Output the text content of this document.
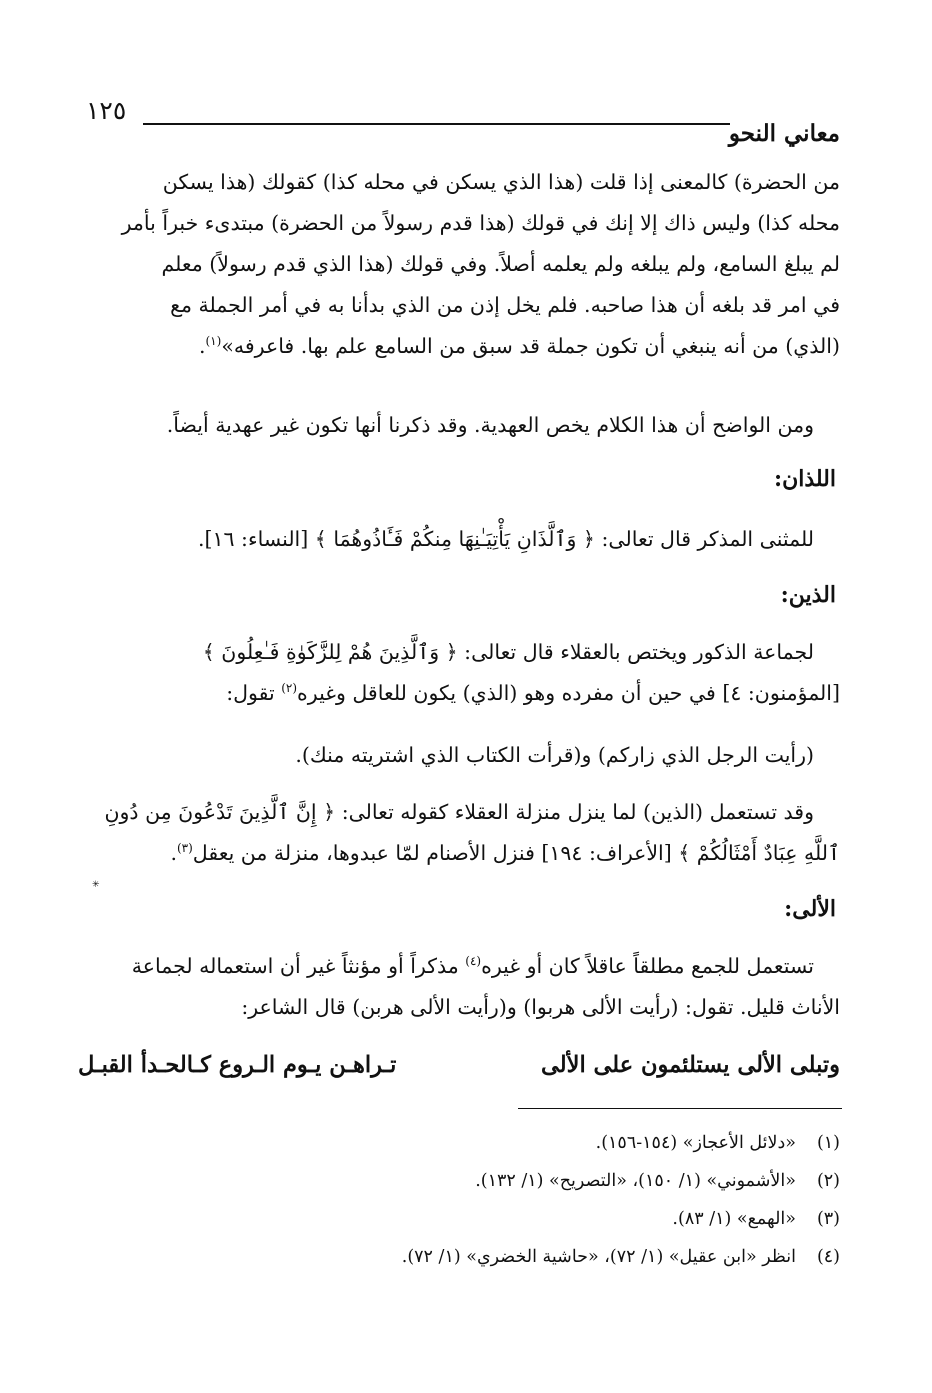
١٢٥
معاني النحو

من الحضرة) كالمعنى إذا قلت (هذا الذي يسكن في محله كذا) كقولك (هذا يسكن

محله كذا) وليس ذاك إلا إنك في قولك (هذا قدم رسولاً من الحضرة) مبتدىء خبراً بأمر

لم يبلغ السامع، ولم يبلغه ولم يعلمه أصلاً. وفي قولك (هذا الذي قدم رسولاً) معلم

في امر قد بلغه أن هذا صاحبه. فلم يخل إذن من الذي بدأنا به في أمر الجملة مع

(الذي) من أنه ينبغي أن تكون جملة قد سبق من السامع علم بها. فاعرفه»$^{(١)}$.

ومن الواضح أن هذا الكلام يخص العهدية. وقد ذكرنا أنها تكون غير عهدية أيضاً.

اللذان:

للمثنى المذكر قال تعالى: ﴿ وَٱلَّذَانِ يَأْتِيَـٰنِهَا مِنكُمْ فَـَٔاذُوهُمَا ﴾ [النساء: ١٦].

الذين:

لجماعة الذكور ويختص بالعقلاء قال تعالى: ﴿ وَٱلَّذِينَ هُمْ لِلزَّكَوٰةِ فَـٰعِلُونَ ﴾

[المؤمنون: ٤] في حين أن مفرده وهو (الذي) يكون للعاقل وغيره$^{(٢)}$ تقول:

(رأيت الرجل الذي زاركم) و(قرأت الكتاب الذي اشتريته منك).

وقد تستعمل (الذين) لما ينزل منزلة العقلاء كقوله تعالى: ﴿ إِنَّ ٱلَّذِينَ تَدْعُونَ مِن دُونِ

ٱللَّهِ عِبَادٌ أَمْثَالُكُمْ ﴾ [الأعراف: ١٩٤] فنزل الأصنام لمّا عبدوها، منزلة من يعقل$^{(٣)}$.

✳
الألى:

تستعمل للجمع مطلقاً عاقلاً كان أو غيره$^{(٤)}$ مذكراً أو مؤنثاً غير أن استعماله لجماعة

الأناث قليل. تقول: (رأيت الألى هربوا) و(رأيت الألى هربن) قال الشاعر:

وتبلى الألى يستلئمون على الألى
تـراهـن يـوم الـروع كـالحـدأ القبـل
(١)«دلائل الأعجاز» (١٥٤-١٥٦).
(٢)«الأشموني» (١/ ١٥٠)، «التصريح» (١/ ١٣٢).
(٣)«الهمع» (١/ ٨٣).
(٤)انظر «ابن عقيل» (١/ ٧٢)، «حاشية الخضري» (١/ ٧٢).
